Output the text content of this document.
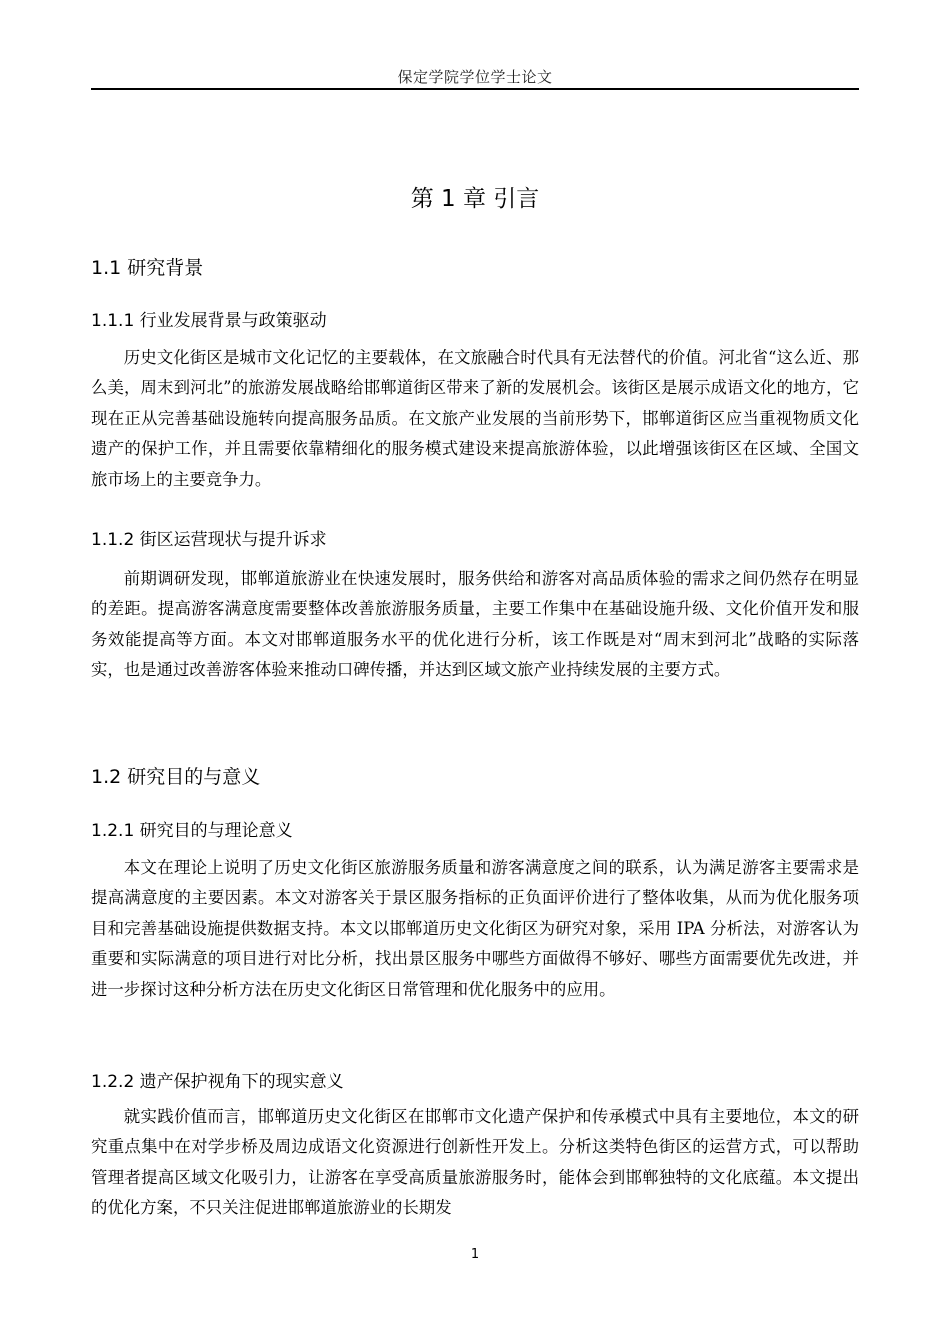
保定学院学位学士论文
第 1 章 引言
1.1 研究背景
1.1.1 行业发展背景与政策驱动

历史文化街区是城市文化记忆的主要载体，在文旅融合时代具有无法替代的价值。河北省“这么近、那么美，周末到河北”的旅游发展战略给邯郸道街区带来了新的发展机会。该街区是展示成语文化的地方，它现在正从完善基础设施转向提高服务品质。在文旅产业发展的当前形势下，邯郸道街区应当重视物质文化遗产的保护工作，并且需要依靠精细化的服务模式建设来提高旅游体验，以此增强该街区在区域、全国文旅市场上的主要竞争力。

1.1.2 街区运营现状与提升诉求

前期调研发现，邯郸道旅游业在快速发展时，服务供给和游客对高品质体验的需求之间仍然存在明显的差距。提高游客满意度需要整体改善旅游服务质量，主要工作集中在基础设施升级、文化价值开发和服务效能提高等方面。本文对邯郸道服务水平的优化进行分析，该工作既是对“周末到河北”战略的实际落实，也是通过改善游客体验来推动口碑传播，并达到区域文旅产业持续发展的主要方式。

1.2 研究目的与意义
1.2.1 研究目的与理论意义

本文在理论上说明了历史文化街区旅游服务质量和游客满意度之间的联系，认为满足游客主要需求是提高满意度的主要因素。本文对游客关于景区服务指标的正负面评价进行了整体收集，从而为优化服务项目和完善基础设施提供数据支持。本文以邯郸道历史文化街区为研究对象，采用 IPA 分析法，对游客认为重要和实际满意的项目进行对比分析，找出景区服务中哪些方面做得不够好、哪些方面需要优先改进，并进一步探讨这种分析方法在历史文化街区日常管理和优化服务中的应用。

1.2.2 遗产保护视角下的现实意义

就实践价值而言，邯郸道历史文化街区在邯郸市文化遗产保护和传承模式中具有主要地位，本文的研究重点集中在对学步桥及周边成语文化资源进行创新性开发上。分析这类特色街区的运营方式，可以帮助管理者提高区域文化吸引力，让游客在享受高质量旅游服务时，能体会到邯郸独特的文化底蕴。本文提出的优化方案，不只关注促进邯郸道旅游业的长期发

1
